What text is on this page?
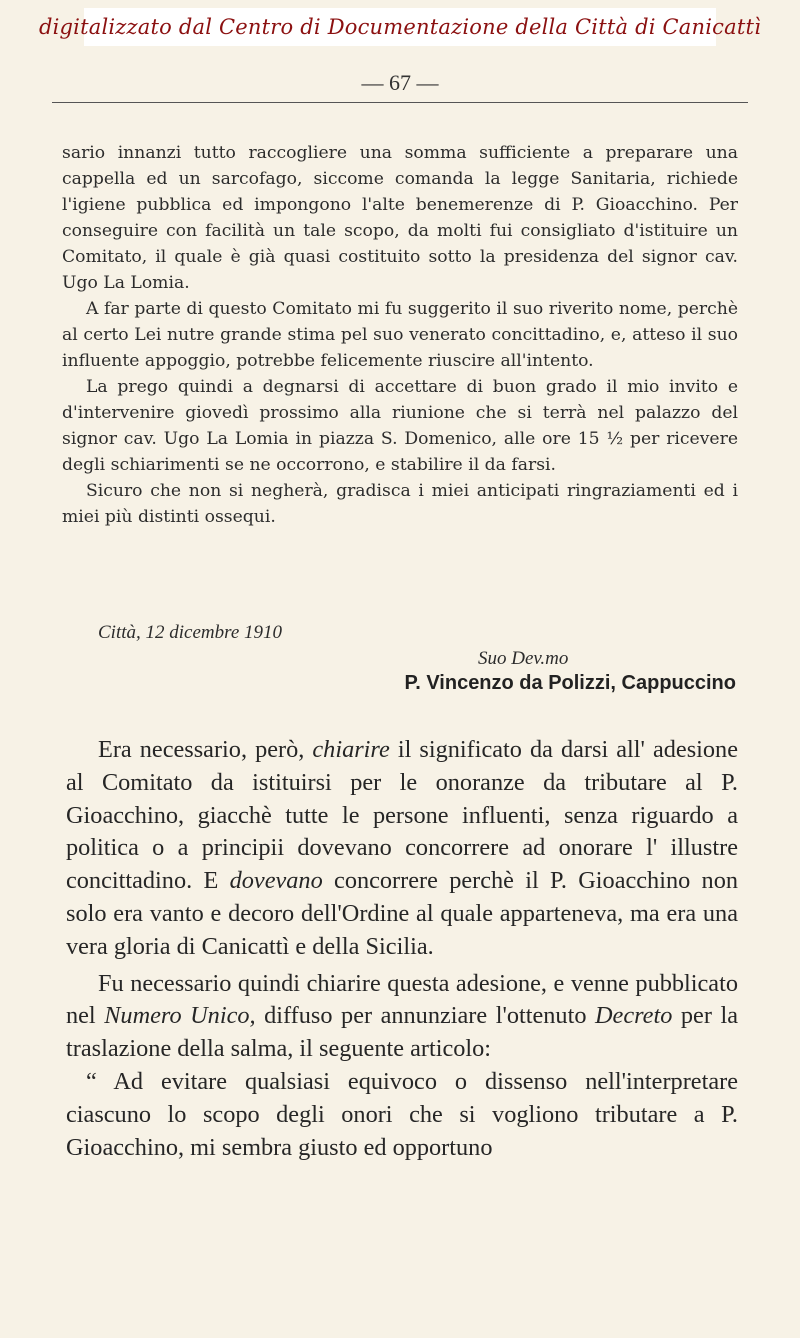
digitalizzato dal Centro di Documentazione della Città di Canicattì
— 67 —

sario innanzi tutto raccogliere una somma sufficiente a preparare una cappella ed un sarcofago, siccome comanda la legge Sanitaria, richiede l'igiene pubblica ed impongono l'alte benemerenze di P. Gioacchino. Per conseguire con facilità un tale scopo, da molti fui consigliato d'istituire un Comitato, il quale è già quasi costituito sotto la presidenza del signor cav. Ugo La Lomia.

A far parte di questo Comitato mi fu suggerito il suo riverito nome, perchè al certo Lei nutre grande stima pel suo venerato concittadino, e, atteso il suo influente appoggio, potrebbe felicemente riuscire all'intento.

La prego quindi a degnarsi di accettare di buon grado il mio invito e d'intervenire giovedì prossimo alla riunione che si terrà nel palazzo del signor cav. Ugo La Lomia in piazza S. Domenico, alle ore 15 ½ per ricevere degli schiarimenti se ne occorrono, e stabilire il da farsi.

Sicuro che non si negherà, gradisca i miei anticipati ringraziamenti ed i miei più distinti ossequi.

Città, 12 dicembre 1910
Suo Dev.mo
P. Vincenzo da Polizzi, Cappuccino

Era necessario, però, chiarire il significato da darsi all' adesione al Comitato da istituirsi per le onoranze da tributare al P. Gioacchino, giacchè tutte le persone influenti, senza riguardo a politica o a principii dovevano concorrere ad onorare l' illustre concittadino. E dovevano concorrere perchè il P. Gioacchino non solo era vanto e decoro dell'Ordine al quale apparteneva, ma era una vera gloria di Canicattì e della Sicilia.

Fu necessario quindi chiarire questa adesione, e venne pubblicato nel Numero Unico, diffuso per annunziare l'ottenuto Decreto per la traslazione della salma, il seguente articolo:

“ Ad evitare qualsiasi equivoco o dissenso nell'interpretare ciascuno lo scopo degli onori che si vogliono tributare a P. Gioacchino, mi sembra giusto ed opportuno
